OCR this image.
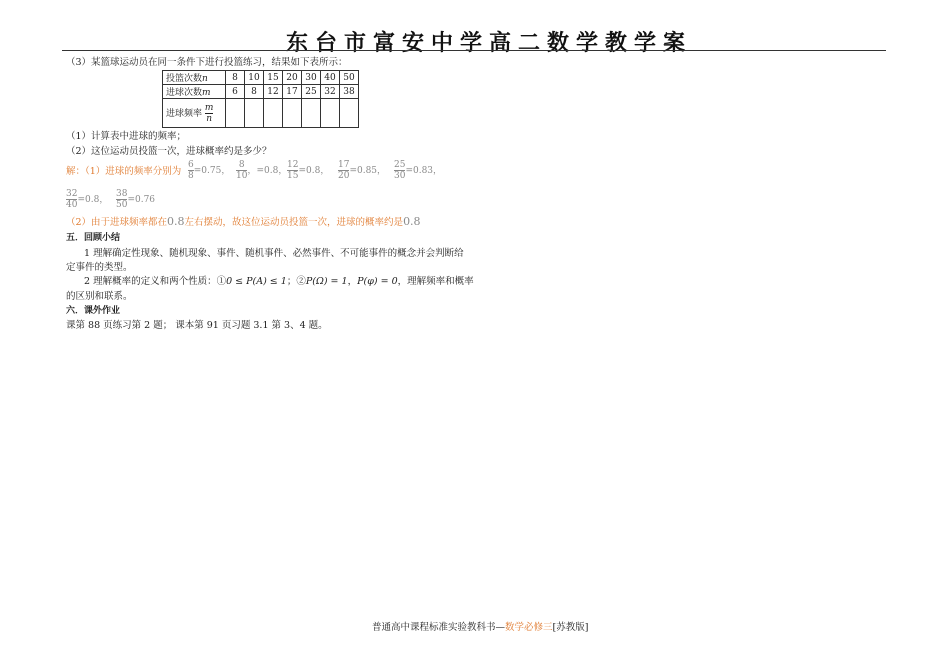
东台市富安中学高二数学教学案
（3）某篮球运动员在同一条件下进行投篮练习，结果如下表所示：
投篮次数n	8	10	15	20	30	40	50
进球次数m	6	8	12	17	25	32	38
进球频率 $\frac{m}{n}$

（1）计算表中进球的频率；
（2）这位运动员投篮一次，进球概率约是多少？
解：（1）进球的频率分别为 $\frac{6}{8} =0.75$， $\frac{8}{10}$ ，=0.8， $\frac{12}{15} =0.8$， $\frac{17}{20} =0.85$， $\frac{25}{30} =0.83$，
$\frac{32}{40} =0.8$， $\frac{38}{50} =0.76$
（2）由于进球频率都在0.8左右摆动，故这位运动员投篮一次，进球的概率约是0.8
五．回顾小结
1 理解确定性现象、随机现象、事件、随机事件、必然事件、不可能事件的概念并会判断给
定事件的类型。
2 理解概率的定义和两个性质：①0 ≤ P(A) ≤ 1；②P(Ω) = 1，P(φ) = 0，理解频率和概率
的区别和联系。
六．课外作业
课第 88 页练习第 2 题； 课本第 91 页习题 3.1 第 3、4 题。
普通高中课程标准实验教科书—数学必修三[苏教版]
